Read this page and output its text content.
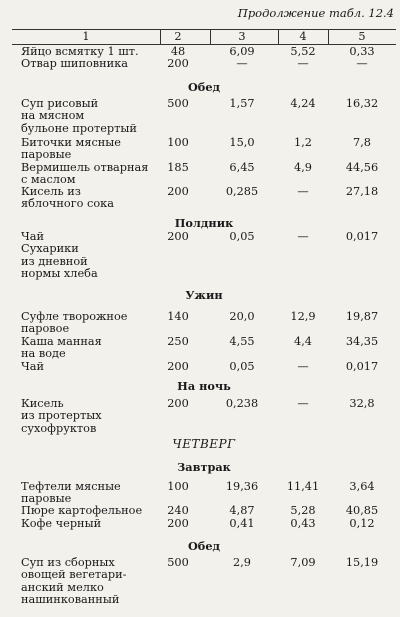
Продолжение табл. 12.4
1	2	3	4	5
Яйцо всмятку 1 шт.	48	6,09	5,52	0,33
Отвар шиповника	200	—	—	—
Обед
Суп рисовый
на мясном
бульоне протертый
500	1,57	4,24	16,32
Биточки мясные
паровые
100	15,0	1,2	7,8
Вермишель отварная
с маслом
185	6,45	4,9	44,56
Кисель из
яблочного сока
200	0,285	—	27,18
Полдник
Чай
Сухарики
из дневной
нормы хлеба
200	0,05	—	0,017
Ужин
Суфле творожное
паровое
140	20,0	12,9	19,87
Каша манная
на воде
250	4,55	4,4	34,35
Чай	200	0,05	—	0,017
На ночь
Кисель
из протертых
сухофруктов
200	0,238	—	32,8
ЧЕТВЕРГ
Завтрак
Тефтели мясные
паровые
100	19,36	11,41	3,64
Пюре картофельное	240	4,87	5,28	40,85
Кофе черный	200	0,41	0,43	0,12
Обед
Суп из сборных
овощей вегетари-
анский мелко
нашинкованный
500	2,9	7,09	15,19
